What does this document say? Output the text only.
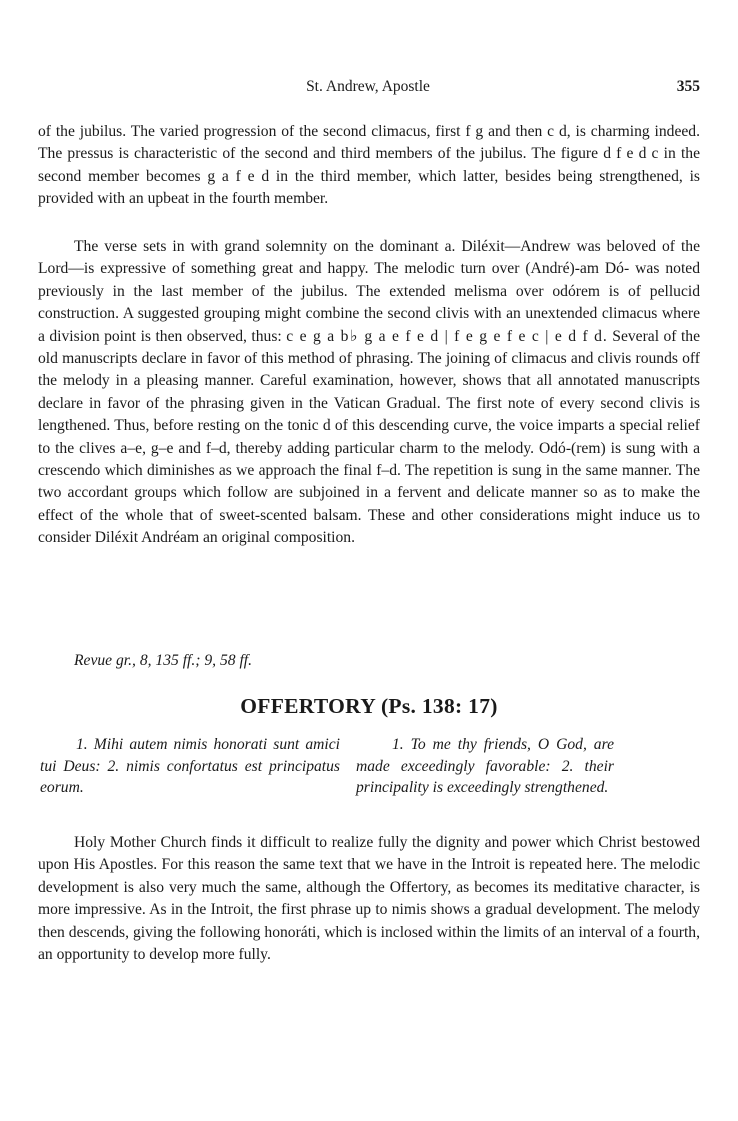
St. Andrew, Apostle	355

of the jubilus. The varied progression of the second climacus, first f g and then c d, is charming indeed. The pressus is characteristic of the second and third members of the jubilus. The figure d f e d c in the second member becomes g a f e d in the third member, which latter, besides being strengthened, is provided with an upbeat in the fourth member.

The verse sets in with grand solemnity on the dominant a. Diléxit—Andrew was beloved of the Lord—is expressive of something great and happy. The melodic turn over (André)-am Dó- was noted previously in the last member of the jubilus. The extended melisma over odórem is of pellucid construction. A suggested grouping might combine the second clivis with an unextended climacus where a division point is then observed, thus: c e g a b♭ g a e f e d | f e g e f e c | e d f d. Several of the old manuscripts declare in favor of this method of phrasing. The joining of climacus and clivis rounds off the melody in a pleasing manner. Careful examination, however, shows that all annotated manuscripts declare in favor of the phrasing given in the Vatican Gradual. The first note of every second clivis is lengthened. Thus, before resting on the tonic d of this descending curve, the voice imparts a special relief to the clives a–e, g–e and f–d, thereby adding particular charm to the melody. Odó-(rem) is sung with a crescendo which diminishes as we approach the final f–d. The repetition is sung in the same manner. The two accordant groups which follow are subjoined in a fervent and delicate manner so as to make the effect of the whole that of sweet-scented balsam. These and other considerations might induce us to consider Diléxit Andréam an original composition.

Revue gr., 8, 135 ff.; 9, 58 ff.
OFFERTORY (Ps. 138: 17)

1. Mihi autem nimis honorati sunt amici tui Deus: 2. nimis confortatus est principatus eorum.

1. To me thy friends, O God, are made exceedingly favorable: 2. their principality is exceedingly strengthened.

Holy Mother Church finds it difficult to realize fully the dignity and power which Christ bestowed upon His Apostles. For this reason the same text that we have in the Introit is repeated here. The melodic development is also very much the same, although the Offertory, as becomes its meditative character, is more impressive. As in the Introit, the first phrase up to nimis shows a gradual development. The melody then descends, giving the following honoráti, which is inclosed within the limits of an interval of a fourth, an opportunity to develop more fully.
